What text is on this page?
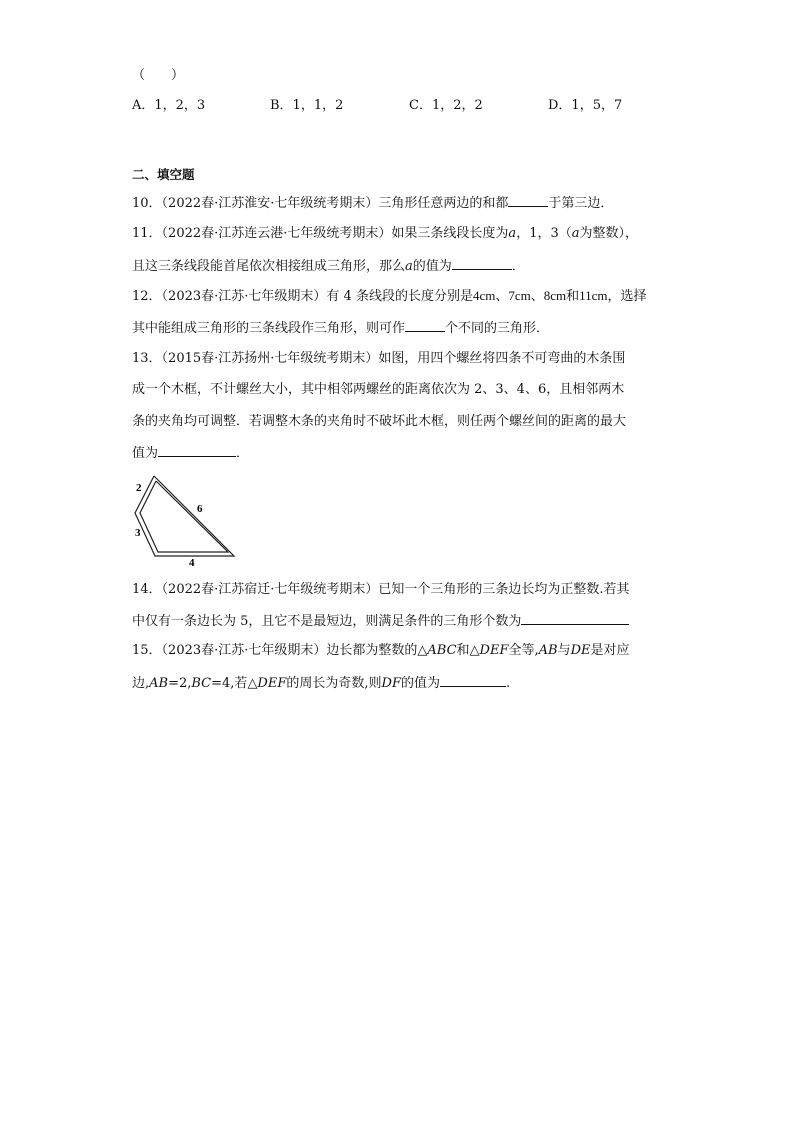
（　　）
A．1，2，3	B．1，1，2	C．1，2，2	D．1，5，7
二、填空题
10．（2022春·江苏淮安·七年级统考期末）三角形任意两边的和都	于第三边．
11．（2022春·江苏连云港·七年级统考期末）如果三条线段长度为a，1，3（a为整数），
且这三条线段能首尾依次相接组成三角形，那么a的值为	．
12．（2023春·江苏·七年级期末）有 4 条线段的长度分别是4cm、7cm、8cm和11cm，选择
其中能组成三角形的三条线段作三角形，则可作	个不同的三角形．
13．（2015春·江苏扬州·七年级统考期末）如图，用四个螺丝将四条不可弯曲的木条围
成一个木框，不计螺丝大小，其中相邻两螺丝的距离依次为 2、3、4、6，且相邻两木
条的夹角均可调整．若调整木条的夹角时不破坏此木框，则任两个螺丝间的距离的最大
值为	．
2
6
3
4
14．（2022春·江苏宿迁·七年级统考期末）已知一个三角形的三条边长均为正整数.若其
中仅有一条边长为 5，且它不是最短边，则满足条件的三角形个数为
15．（2023春·江苏·七年级期末）边长都为整数的△ABC和△DEF全等,AB与DE是对应
边,AB=2,BC=4,若△DEF的周长为奇数,则DF的值为	.
